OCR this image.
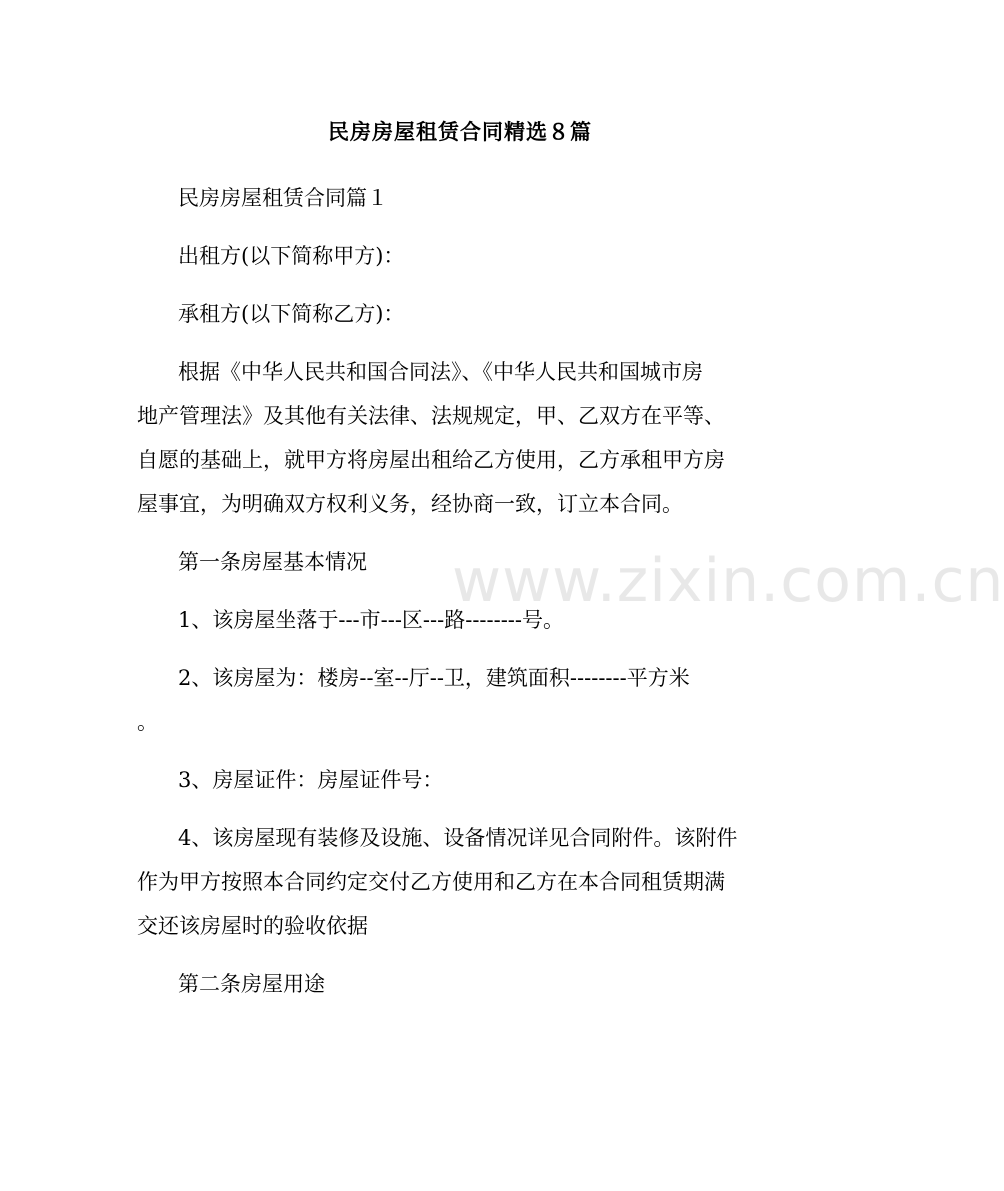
民房房屋租赁合同精选８篇
民房房屋租赁合同篇１
出租方(以下简称甲方)：
承租方(以下简称乙方)：
根据《中华人民共和国合同法》、《中华人民共和国城市房
地产管理法》及其他有关法律、法规规定，甲、乙双方在平等、
自愿的基础上，就甲方将房屋出租给乙方使用，乙方承租甲方房
屋事宜，为明确双方权利义务，经协商一致，订立本合同。
第一条房屋基本情况
1、该房屋坐落于---市---区---路--------号。
2、该房屋为：楼房--室--厅--卫，建筑面积--------平方米
。
3、房屋证件：房屋证件号：
4、该房屋现有装修及设施、设备情况详见合同附件。该附件
作为甲方按照本合同约定交付乙方使用和乙方在本合同租赁期满
交还该房屋时的验收依据
第二条房屋用途
www.zixin.com.cn
